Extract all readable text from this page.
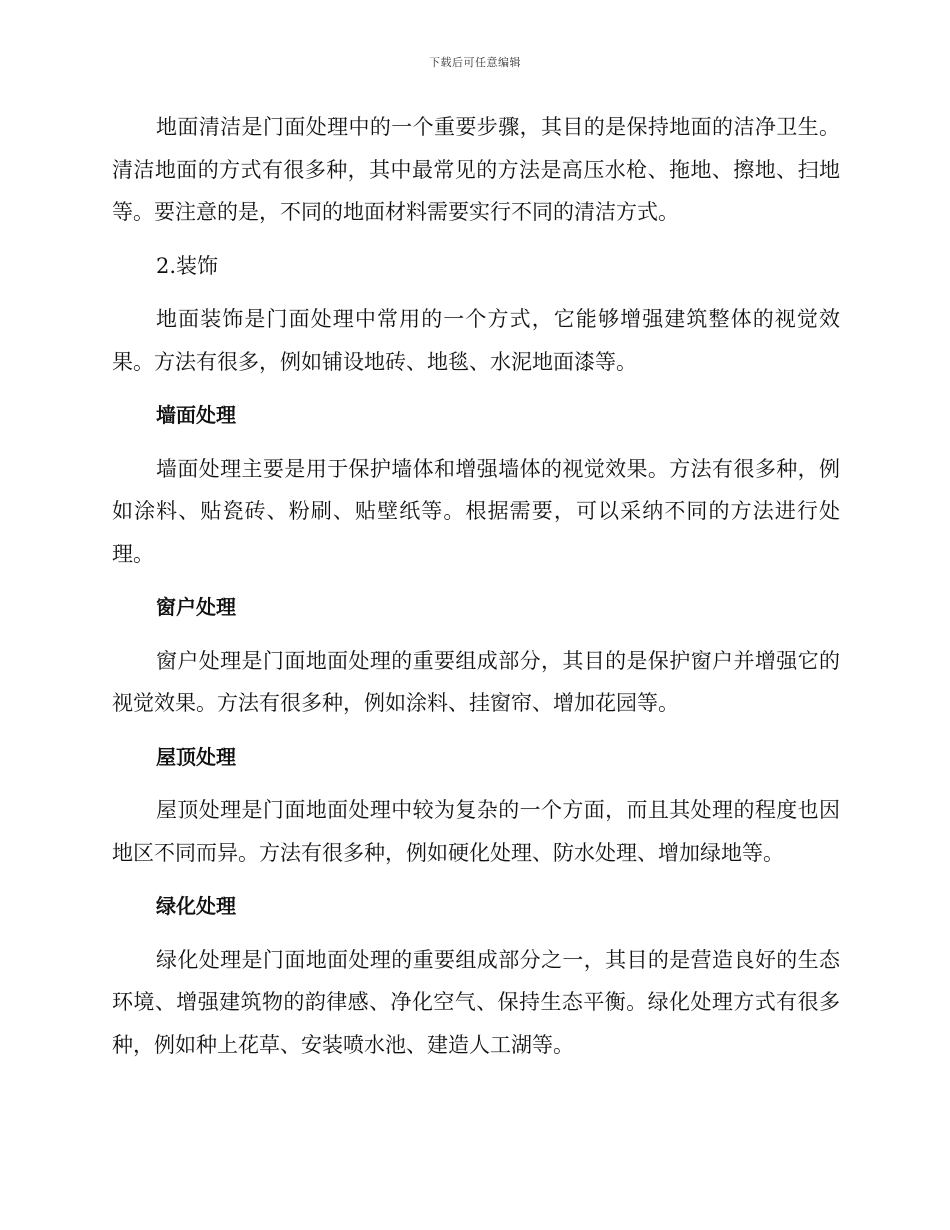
下载后可任意编辑

地面清洁是门面处理中的一个重要步骤，其目的是保持地面的洁净卫生。清洁地面的方式有很多种，其中最常见的方法是高压水枪、拖地、擦地、扫地等。要注意的是，不同的地面材料需要实行不同的清洁方式。

2.装饰

地面装饰是门面处理中常用的一个方式，它能够增强建筑整体的视觉效果。方法有很多，例如铺设地砖、地毯、水泥地面漆等。

墙面处理

墙面处理主要是用于保护墙体和增强墙体的视觉效果。方法有很多种，例如涂料、贴瓷砖、粉刷、贴壁纸等。根据需要，可以采纳不同的方法进行处理。

窗户处理

窗户处理是门面地面处理的重要组成部分，其目的是保护窗户并增强它的视觉效果。方法有很多种，例如涂料、挂窗帘、增加花园等。

屋顶处理

屋顶处理是门面地面处理中较为复杂的一个方面，而且其处理的程度也因地区不同而异。方法有很多种，例如硬化处理、防水处理、增加绿地等。

绿化处理

绿化处理是门面地面处理的重要组成部分之一，其目的是营造良好的生态环境、增强建筑物的韵律感、净化空气、保持生态平衡。绿化处理方式有很多种，例如种上花草、安装喷水池、建造人工湖等。
